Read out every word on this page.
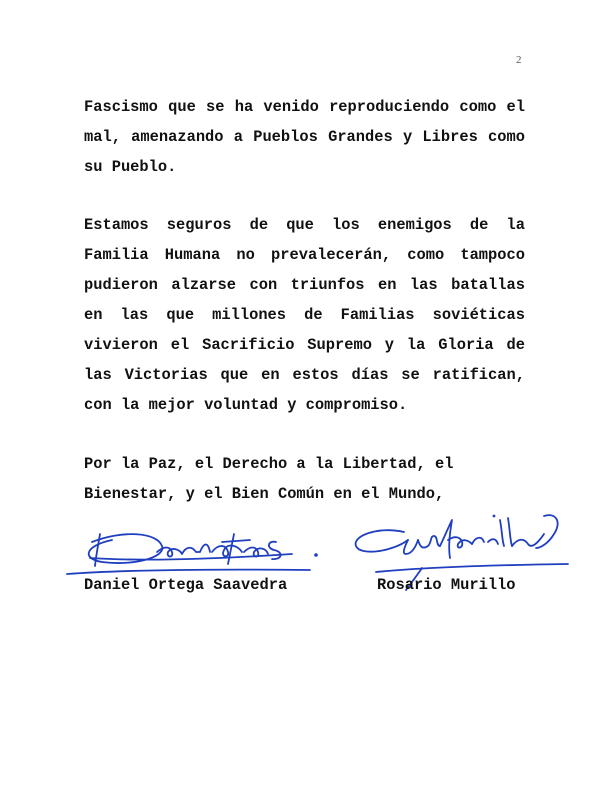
2

Fascismo que se ha venido reproduciendo como el mal, amenazando a Pueblos Grandes y Libres como su Pueblo.

Estamos seguros de que los enemigos de la Familia Humana no prevalecerán, como tampoco pudieron alzarse con triunfos en las batallas en las que millones de Familias soviéticas vivieron el Sacrificio Supremo y la Gloria de las Victorias que en estos días se ratifican, con la mejor voluntad y compromiso.

Por la Paz, el Derecho a la Libertad, el
Bienestar, y el Bien Común en el Mundo,

Daniel Ortega Saavedra	Rosario Murillo
